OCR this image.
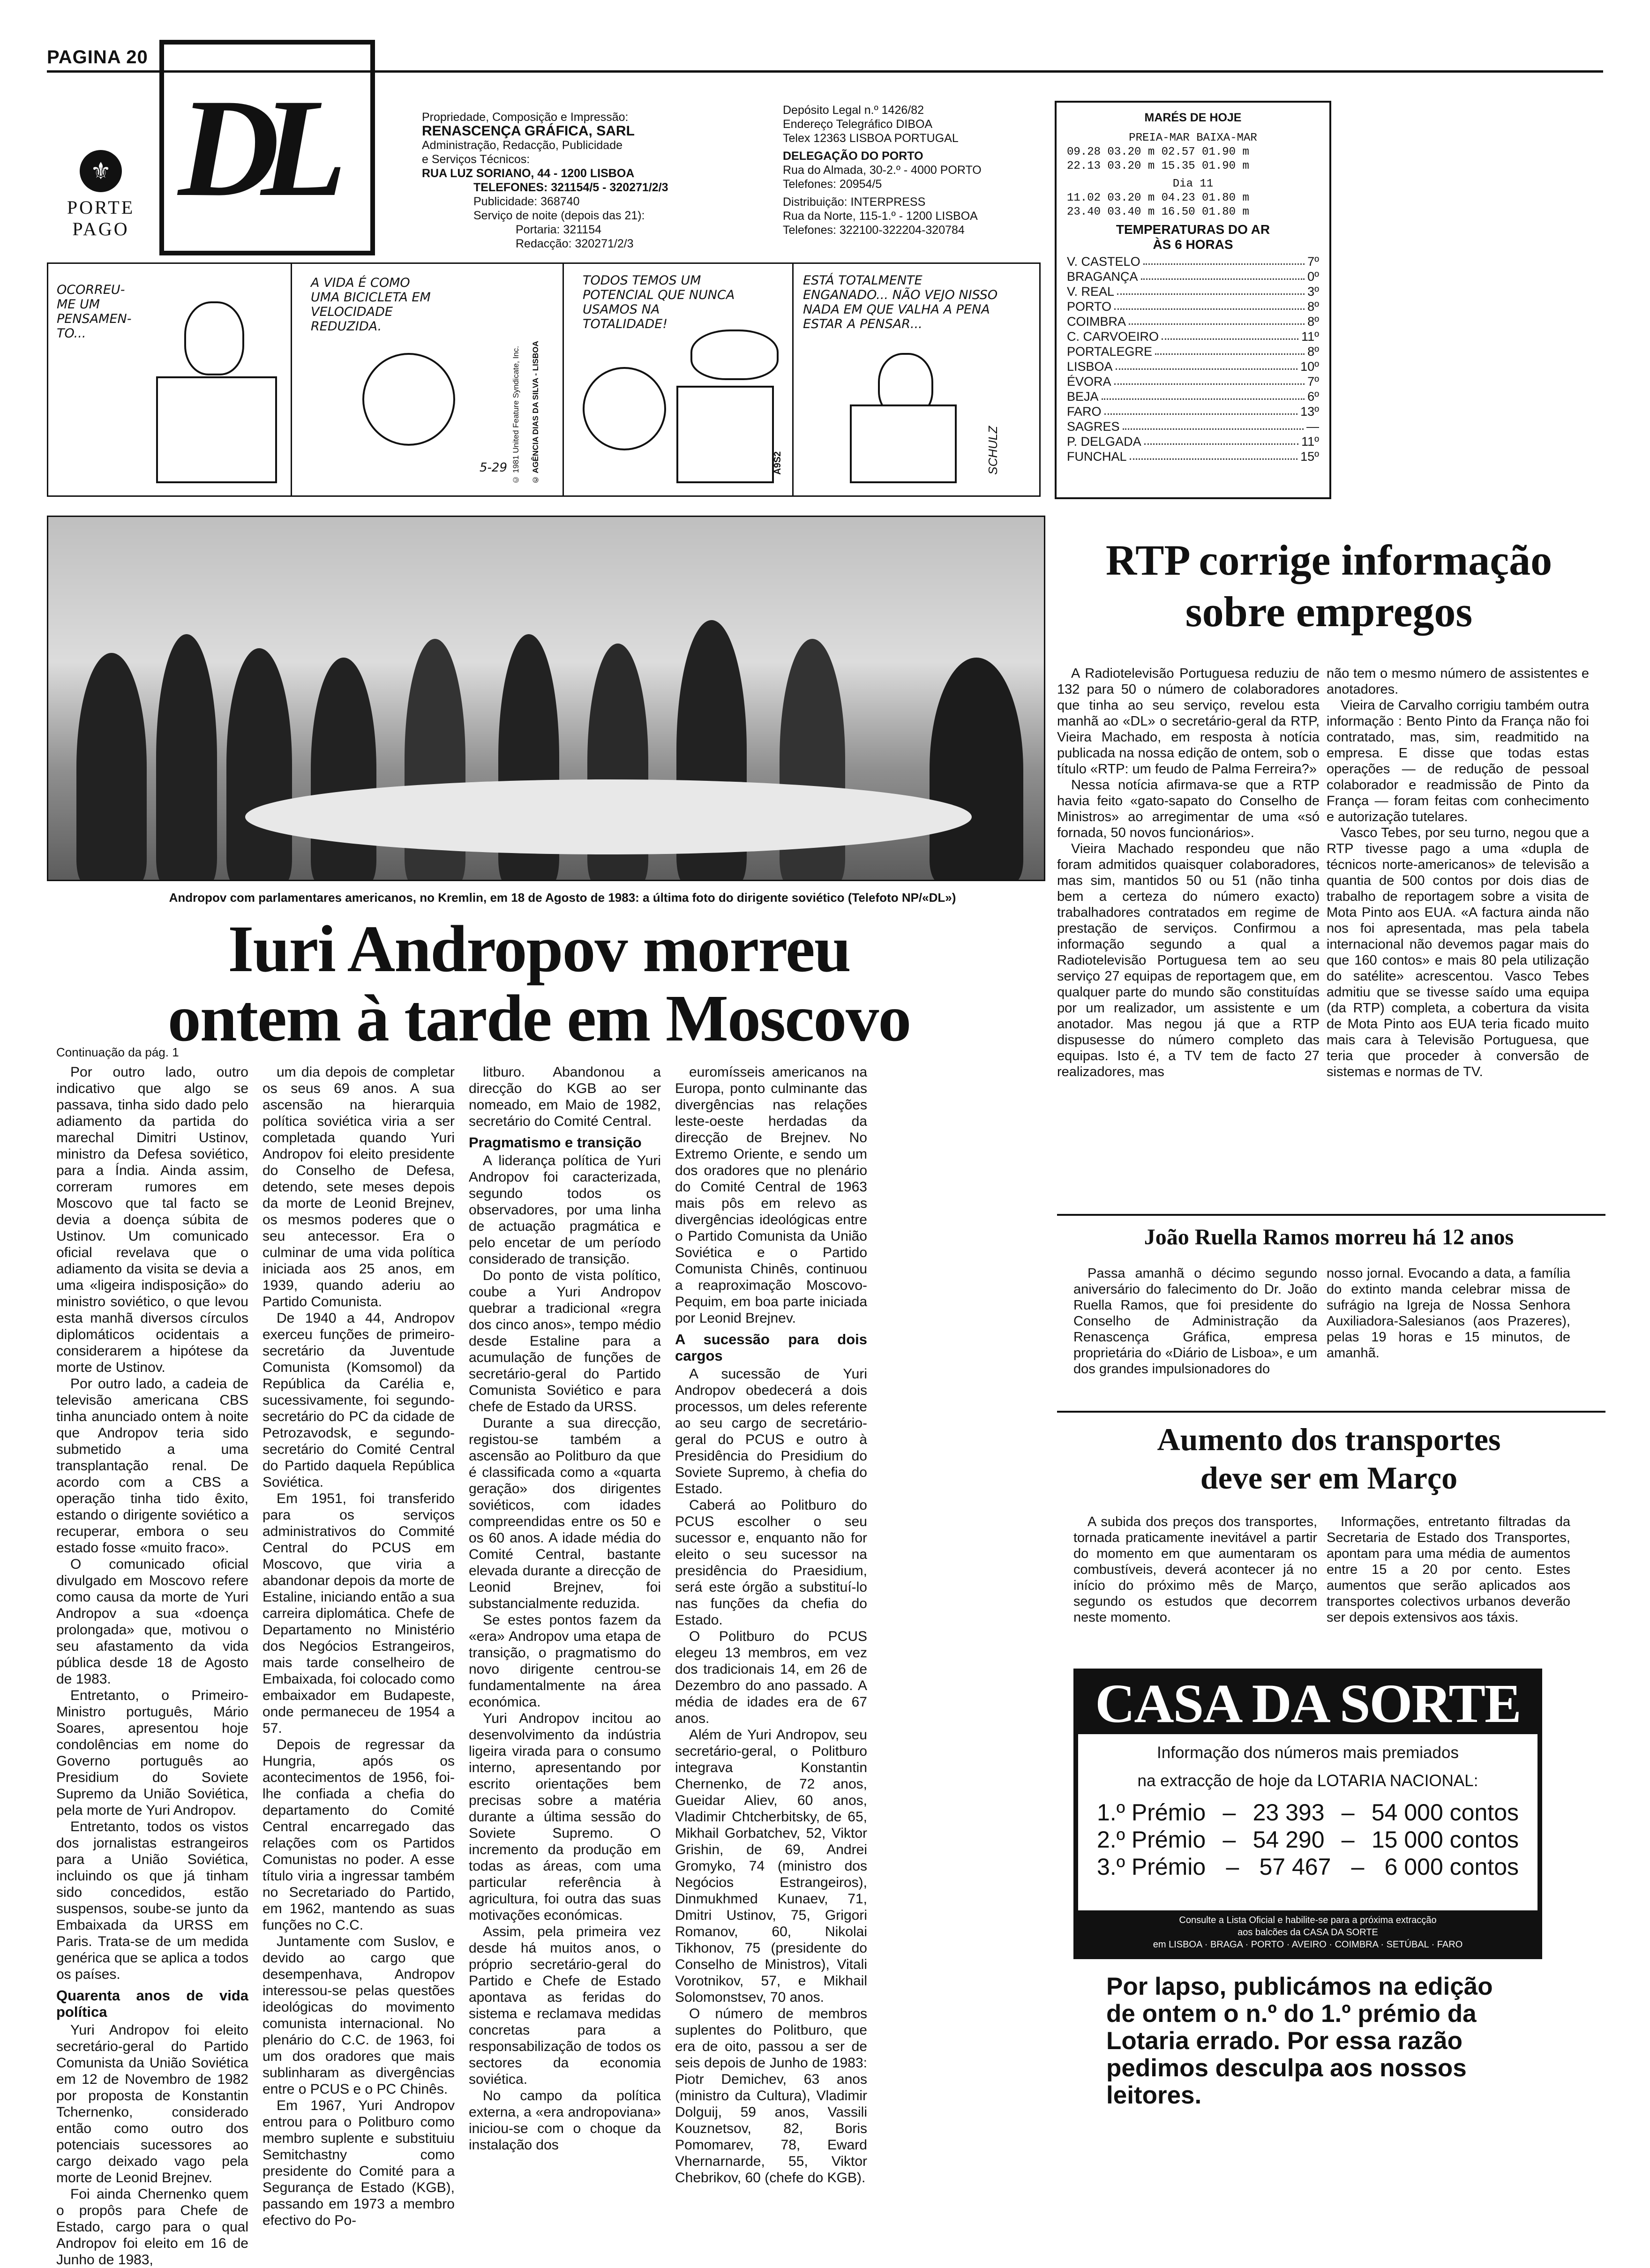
PAGINA 20
DL
⚜
PORTE
PAGO
Propriedade, Composição e Impressão:
RENASCENÇA GRÁFICA, SARL
Administração, Redacção, Publicidade
e Serviços Técnicos:
RUA LUZ SORIANO, 44 - 1200 LISBOA
TELEFONES: 321154/5 - 320271/2/3
Publicidade: 368740
Serviço de noite (depois das 21):
Portaria: 321154
Redacção: 320271/2/3
Depósito Legal n.º 1426/82
Endereço Telegráfico DIBOA
Telex 12363 LISBOA PORTUGAL
DELEGAÇÃO DO PORTO
Rua do Almada, 30-2.º - 4000 PORTO
Telefones: 20954/5
Distribuição: INTERPRESS
Rua da Norte, 115-1.º - 1200 LISBOA
Telefones: 322100-322204-320784
OCORREU-ME UM PENSAMEN-TO...
A VIDA É COMO UMA BICICLETA EM VELOCIDADE REDUZIDA.
5-29 © 1981 United Feature Syndicate, Inc.	© AGÊNCIA DIAS DA SILVA - LISBOA
TODOS TEMOS UM POTENCIAL QUE NUNCA USAMOS NA TOTALIDADE!
A9S2
ESTÁ TOTALMENTE ENGANADO... NÃO VEJO NISSO NADA EM QUE VALHA A PENA ESTAR A PENSAR...
SCHULZ
MARÉS DE HOJE
PREIA-MAR BAIXA-MAR
09.28 03.20 m 02.57 01.90 m
22.13 03.20 m 15.35 01.90 m
Dia 11
11.02 03.20 m 04.23 01.80 m
23.40 03.40 m 16.50 01.80 m
TEMPERATURAS DO AR
ÀS 6 HORAS
V. CASTELO	7º
BRAGANÇA	0º
V. REAL	3º
PORTO	8º
COIMBRA	8º
C. CARVOEIRO	11º
PORTALEGRE	8º
LISBOA	10º
ÉVORA	7º
BEJA	6º
FARO	13º
SAGRES	—
P. DELGADA	11º
FUNCHAL	15º
Andropov com parlamentares americanos, no Kremlin, em 18 de Agosto de 1983: a última foto do dirigente soviético (Telefoto NP/«DL»)
Iuri Andropov morreu
ontem à tarde em Moscovo
Continuação da pág. 1

Por outro lado, outro indicativo que algo se passava, tinha sido dado pelo adiamento da partida do marechal Dimitri Ustinov, ministro da Defesa soviético, para a Índia. Ainda assim, correram rumores em Moscovo que tal facto se devia a doença súbita de Ustinov. Um comunicado oficial revelava que o adiamento da visita se devia a uma «ligeira indisposição» do ministro soviético, o que levou esta manhã diversos círculos diplomáticos ocidentais a considerarem a hipótese da morte de Ustinov.

Por outro lado, a cadeia de televisão americana CBS tinha anunciado ontem à noite que Andropov teria sido submetido a uma transplantação renal. De acordo com a CBS a operação tinha tido êxito, estando o dirigente soviético a recuperar, embora o seu estado fosse «muito fraco».

O comunicado oficial divulgado em Moscovo refere como causa da morte de Yuri Andropov a sua «doença prolongada» que, motivou o seu afastamento da vida pública desde 18 de Agosto de 1983.

Entretanto, o Primeiro-Ministro português, Mário Soares, apresentou hoje condolências em nome do Governo português ao Presidium do Soviete Supremo da União Soviética, pela morte de Yuri Andropov.

Entretanto, todos os vistos dos jornalistas estrangeiros para a União Soviética, incluindo os que já tinham sido concedidos, estão suspensos, soube-se junto da Embaixada da URSS em Paris. Trata-se de um medida genérica que se aplica a todos os países.

Quarenta anos de vida política

Yuri Andropov foi eleito secretário-geral do Partido Comunista da União Soviética em 12 de Novembro de 1982 por proposta de Konstantin Tchernenko, considerado então como outro dos potenciais sucessores ao cargo deixado vago pela morte de Leonid Brejnev.

Foi ainda Chernenko quem o propôs para Chefe de Estado, cargo para o qual Andropov foi eleito em 16 de Junho de 1983,

um dia depois de completar os seus 69 anos. A sua ascensão na hierarquia política soviética viria a ser completada quando Yuri Andropov foi eleito presidente do Conselho de Defesa, detendo, sete meses depois da morte de Leonid Brejnev, os mesmos poderes que o seu antecessor. Era o culminar de uma vida política iniciada aos 25 anos, em 1939, quando aderiu ao Partido Comunista.

De 1940 a 44, Andropov exerceu funções de primeiro-secretário da Juventude Comunista (Komsomol) da República da Carélia e, sucessivamente, foi segundo-secretário do PC da cidade de Petrozavodsk, e segundo-secretário do Comité Central do Partido daquela República Soviética.

Em 1951, foi transferido para os serviços administrativos do Commité Central do PCUS em Moscovo, que viria a abandonar depois da morte de Estaline, iniciando então a sua carreira diplomática. Chefe de Departamento no Ministério dos Negócios Estrangeiros, mais tarde conselheiro de Embaixada, foi colocado como embaixador em Budapeste, onde permaneceu de 1954 a 57.

Depois de regressar da Hungria, após os acontecimentos de 1956, foi-lhe confiada a chefia do departamento do Comité Central encarregado das relações com os Partidos Comunistas no poder. A esse título viria a ingressar também no Secretariado do Partido, em 1962, mantendo as suas funções no C.C.

Juntamente com Suslov, e devido ao cargo que desempenhava, Andropov interessou-se pelas questões ideológicas do movimento comunista internacional. No plenário do C.C. de 1963, foi um dos oradores que mais sublinharam as divergências entre o PCUS e o PC Chinês.

Em 1967, Yuri Andropov entrou para o Politburo como membro suplente e substituiu Semitchastny como presidente do Comité para a Segurança de Estado (KGB), passando em 1973 a membro efectivo do Po-

litburo. Abandonou a direcção do KGB ao ser nomeado, em Maio de 1982, secretário do Comité Central.

Pragmatismo e transição

A liderança política de Yuri Andropov foi caracterizada, segundo todos os observadores, por uma linha de actuação pragmática e pelo encetar de um período considerado de transição.

Do ponto de vista político, coube a Yuri Andropov quebrar a tradicional «regra dos cinco anos», tempo médio desde Estaline para a acumulação de funções de secretário-geral do Partido Comunista Soviético e para chefe de Estado da URSS.

Durante a sua direcção, registou-se também a ascensão ao Politburo da que é classificada como a «quarta geração» dos dirigentes soviéticos, com idades compreendidas entre os 50 e os 60 anos. A idade média do Comité Central, bastante elevada durante a direcção de Leonid Brejnev, foi substancialmente reduzida.

Se estes pontos fazem da «era» Andropov uma etapa de transição, o pragmatismo do novo dirigente centrou-se fundamentalmente na área económica.

Yuri Andropov incitou ao desenvolvimento da indústria ligeira virada para o consumo interno, apresentando por escrito orientações bem precisas sobre a matéria durante a última sessão do Soviete Supremo. O incremento da produção em todas as áreas, com uma particular referência à agricultura, foi outra das suas motivações económicas.

Assim, pela primeira vez desde há muitos anos, o próprio secretário-geral do Partido e Chefe de Estado apontava as feridas do sistema e reclamava medidas concretas para a responsabilização de todos os sectores da economia soviética.

No campo da política externa, a «era andropoviana» iniciou-se com o choque da instalação dos

euromísseis americanos na Europa, ponto culminante das divergências nas relações leste-oeste herdadas da direcção de Brejnev. No Extremo Oriente, e sendo um dos oradores que no plenário do Comité Central de 1963 mais pôs em relevo as divergências ideológicas entre o Partido Comunista da União Soviética e o Partido Comunista Chinês, continuou a reaproximação Moscovo-Pequim, em boa parte iniciada por Leonid Brejnev.

A sucessão para dois cargos

A sucessão de Yuri Andropov obedecerá a dois processos, um deles referente ao seu cargo de secretário-geral do PCUS e outro à Presidência do Presidium do Soviete Supremo, à chefia do Estado.

Caberá ao Politburo do PCUS escolher o seu sucessor e, enquanto não for eleito o seu sucessor na presidência do Praesidium, será este órgão a substituí-lo nas funções da chefia do Estado.

O Politburo do PCUS elegeu 13 membros, em vez dos tradicionais 14, em 26 de Dezembro do ano passado. A média de idades era de 67 anos.

Além de Yuri Andropov, seu secretário-geral, o Politburo integrava Konstantin Chernenko, de 72 anos, Gueidar Aliev, 60 anos, Vladimir Chtcherbitsky, de 65, Mikhail Gorbatchev, 52, Viktor Grishin, de 69, Andrei Gromyko, 74 (ministro dos Negócios Estrangeiros), Dinmukhmed Kunaev, 71, Dmitri Ustinov, 75, Grigori Romanov, 60, Nikolai Tikhonov, 75 (presidente do Conselho de Ministros), Vitali Vorotnikov, 57, e Mikhail Solomonstsev, 70 anos.

O número de membros suplentes do Politburo, que era de oito, passou a ser de seis depois de Junho de 1983: Piotr Demichev, 63 anos (ministro da Cultura), Vladimir Dolguij, 59 anos, Vassili Kouznetsov, 82, Boris Pomomarev, 78, Eward Vhernarnarde, 55, Viktor Chebrikov, 60 (chefe do KGB).

RTP corrige informação
sobre empregos

A Radiotelevisão Portuguesa reduziu de 132 para 50 o número de colaboradores que tinha ao seu serviço, revelou esta manhã ao «DL» o secretário-geral da RTP, Vieira Machado, em resposta à notícia publicada na nossa edição de ontem, sob o título «RTP: um feudo de Palma Ferreira?»

Nessa notícia afirmava-se que a RTP havia feito «gato-sapato do Conselho de Ministros» ao arregimentar de uma «só fornada, 50 novos funcionários».

Vieira Machado respondeu que não foram admitidos quaisquer colaboradores, mas sim, mantidos 50 ou 51 (não tinha bem a certeza do número exacto) trabalhadores contratados em regime de prestação de serviços. Confirmou a informação segundo a qual a Radiotelevisão Portuguesa tem ao seu serviço 27 equipas de reportagem que, em qualquer parte do mundo são constituídas por um realizador, um assistente e um anotador. Mas negou já que a RTP dispusesse do número completo das equipas. Isto é, a TV tem de facto 27 realizadores, mas

não tem o mesmo número de assistentes e anotadores.

Vieira de Carvalho corrigiu também outra informação : Bento Pinto da França não foi contratado, mas, sim, readmitido na empresa. E disse que todas estas operações — de redução de pessoal colaborador e readmissão de Pinto da França — foram feitas com conhecimento e autorização tutelares.

Vasco Tebes, por seu turno, negou que a RTP tivesse pago a uma «dupla de técnicos norte-americanos» de televisão a quantia de 500 contos por dois dias de trabalho de reportagem sobre a visita de Mota Pinto aos EUA. «A factura ainda não nos foi apresentada, mas pela tabela internacional não devemos pagar mais do que 160 contos» e mais 80 pela utilização do satélite» acrescentou. Vasco Tebes admitiu que se tivesse saído uma equipa (da RTP) completa, a cobertura da visita de Mota Pinto aos EUA teria ficado muito mais cara à Televisão Portuguesa, que teria que proceder à conversão de sistemas e normas de TV.

João Ruella Ramos morreu há 12 anos

Passa amanhã o décimo segundo aniversário do falecimento do Dr. João Ruella Ramos, que foi presidente do Conselho de Administração da Renascença Gráfica, empresa proprietária do «Diário de Lisboa», e um dos grandes impulsionadores do

nosso jornal. Evocando a data, a família do extinto manda celebrar missa de sufrágio na Igreja de Nossa Senhora Auxiliadora-Salesianos (aos Prazeres), pelas 19 horas e 15 minutos, de amanhã.

Aumento dos transportes
deve ser em Março

A subida dos preços dos transportes, tornada praticamente inevitável a partir do momento em que aumentaram os combustíveis, deverá acontecer já no início do próximo mês de Março, segundo os estudos que decorrem neste momento.

Informações, entretanto filtradas da Secretaria de Estado dos Transportes, apontam para uma média de aumentos entre 15 a 20 por cento. Estes aumentos que serão aplicados aos transportes colectivos urbanos deverão ser depois extensivos aos táxis.

CASA DA SORTE
Informação dos números mais premiados
na extracção de hoje da LOTARIA NACIONAL:
1.º Prémio – 23 393 – 54 000 contos
2.º Prémio – 54 290 – 15 000 contos
3.º Prémio – 57 467 – 6 000 contos
Consulte a Lista Oficial e habilite-se para a próxima extracção
aos balcões da CASA DA SORTE
em LISBOA · BRAGA · PORTO · AVEIRO · COIMBRA · SETÚBAL · FARO
Por lapso, publicámos na edição de ontem o n.º do 1.º prémio da Lotaria errado. Por essa razão pedimos desculpa aos nossos leitores.
